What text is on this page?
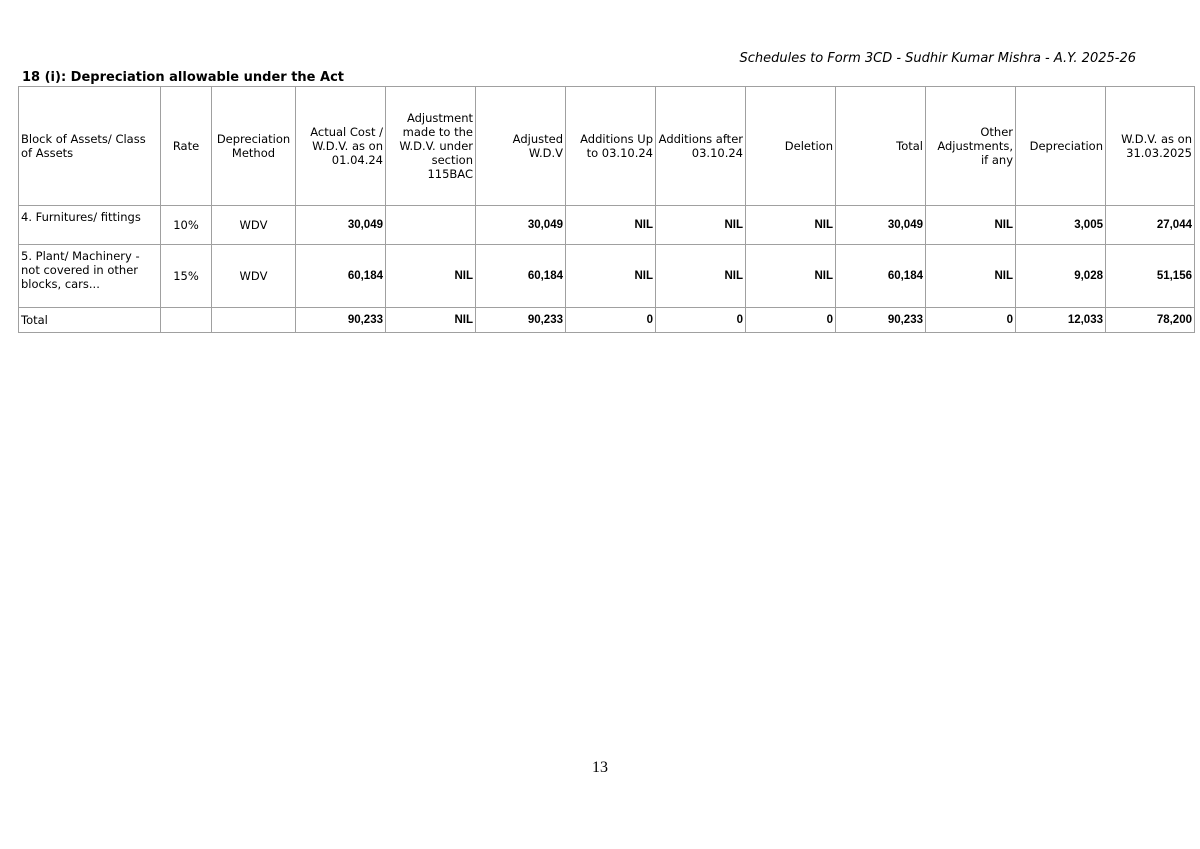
Schedules to Form 3CD - Sudhir Kumar Mishra - A.Y. 2025-26
18 (i): Depreciation allowable under the Act
Block of Assets/ Class of Assets	Rate	Depreciation Method	Actual Cost / W.D.V. as on 01.04.24	Adjustment made to the W.D.V. under section 115BAC	Adjusted W.D.V	Additions Up to 03.10.24	Additions after 03.10.24	Deletion	Total	Other Adjustments, if any	Depreciation	W.D.V. as on 31.03.2025
4. Furnitures/ fittings	10%	WDV	30,049		30,049	NIL	NIL	NIL	30,049	NIL	3,005	27,044
5. Plant/ Machinery - not covered in other blocks, cars...	15%	WDV	60,184	NIL	60,184	NIL	NIL	NIL	60,184	NIL	9,028	51,156
Total			90,233	NIL	90,233	0	0	0	90,233	0	12,033	78,200
13
